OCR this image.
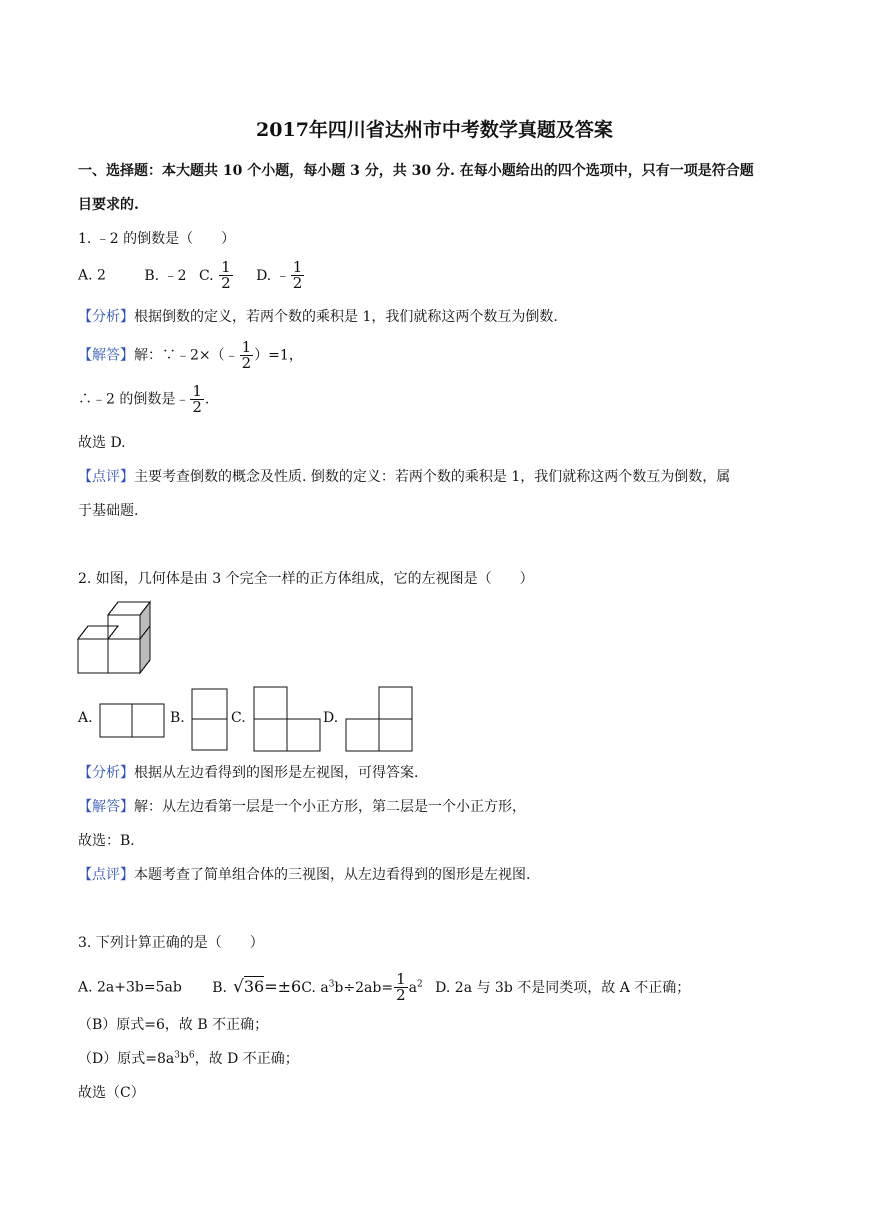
2017年四川省达州市中考数学真题及答案
一、选择题：本大题共 10 个小题，每小题 3 分，共 30 分. 在每小题给出的四个选项中，只有一项是符合题
目要求的.
1. ﹣2 的倒数是（　　）
A. 2	B. ﹣2 C. $\frac{1}{2} D$. ﹣ $\frac{1}{2}$
【分析】根据倒数的定义，若两个数的乘积是 1，我们就称这两个数互为倒数.
【解答】解：∵﹣2×（﹣ $\frac{1}{2} )=1$，
∴﹣2 的倒数是﹣ $\frac{1}{2}$ .
故选 D.
【点评】主要考查倒数的概念及性质. 倒数的定义：若两个数的乘积是 1，我们就称这两个数互为倒数，属
于基础题.
2. 如图，几何体是由 3 个完全一样的正方体组成，它的左视图是（　　）
A.	B.	C.	D.
【分析】根据从左边看得到的图形是左视图，可得答案.
【解答】解：从左边看第一层是一个小正方形，第二层是一个小正方形，
故选：B.
【点评】本题考查了简单组合体的三视图，从左边看得到的图形是左视图.
3. 下列计算正确的是（　　）
A. 2a+3b=5ab B. √36=±6C. $a^3b\div 2ab= \frac{1}{2} a^2$ D. 2a 与 3b 不是同类项，故 A 不正确；
（B）原式=6，故 B 不正确；
（D）原式$=8a^3b^6$，故 D 不正确；
故选（C）
